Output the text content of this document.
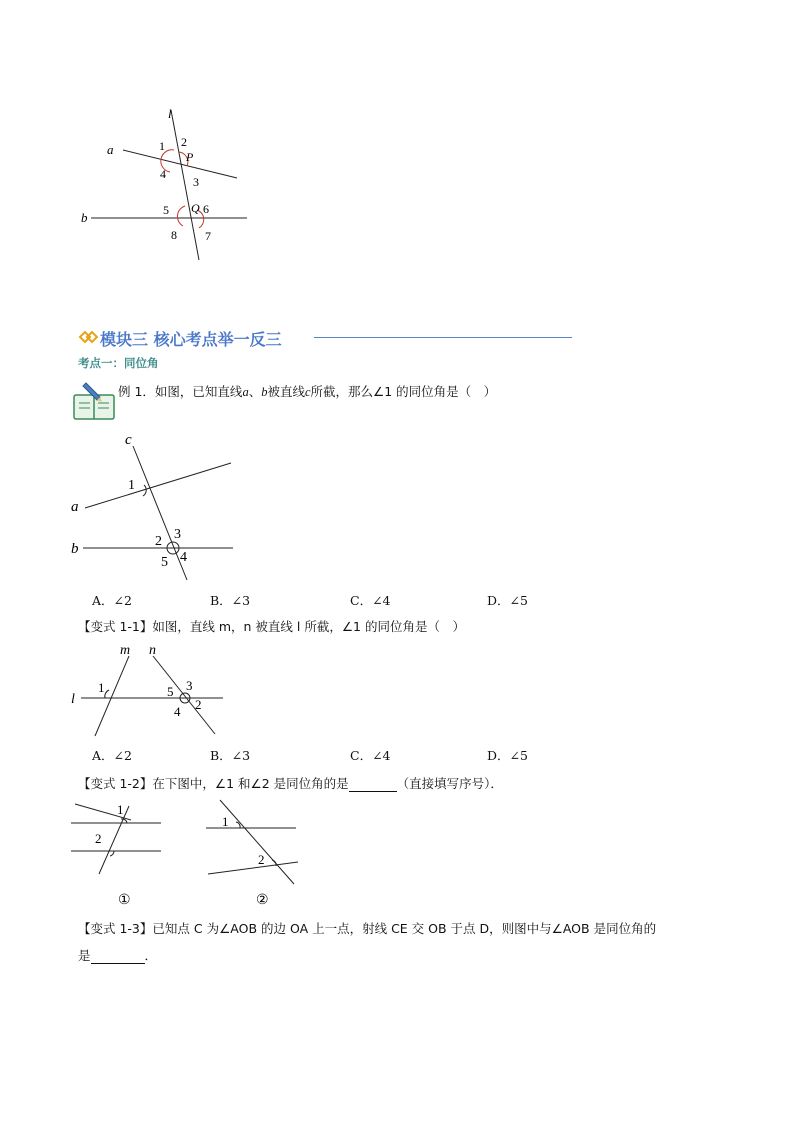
l
a
b
P
Q
1 2
3
4
5	6
7
8
模块三 核心考点举一反三
考点一：同位角
例 1．如图，已知直线a、b被直线c所截，那么∠1 的同位角是（　）
c
a
b
1
2 3
4
5
A．∠2	B．∠3	C．∠4	D．∠5
【变式 1-1】如图，直线 m，n 被直线 l 所截，∠1 的同位角是（　）
m n
l
1	5 3
4 2
A．∠2	B．∠3	C．∠4	D．∠5
【变式 1-2】在下图中，∠1 和∠2 是同位角的是	（直接填写序号）．
1
2
①
1
2
②
【变式 1-3】已知点 C 为∠AOB 的边 OA 上一点，射线 CE 交 OB 于点 D，则图中与∠AOB 是同位角的
是	．
